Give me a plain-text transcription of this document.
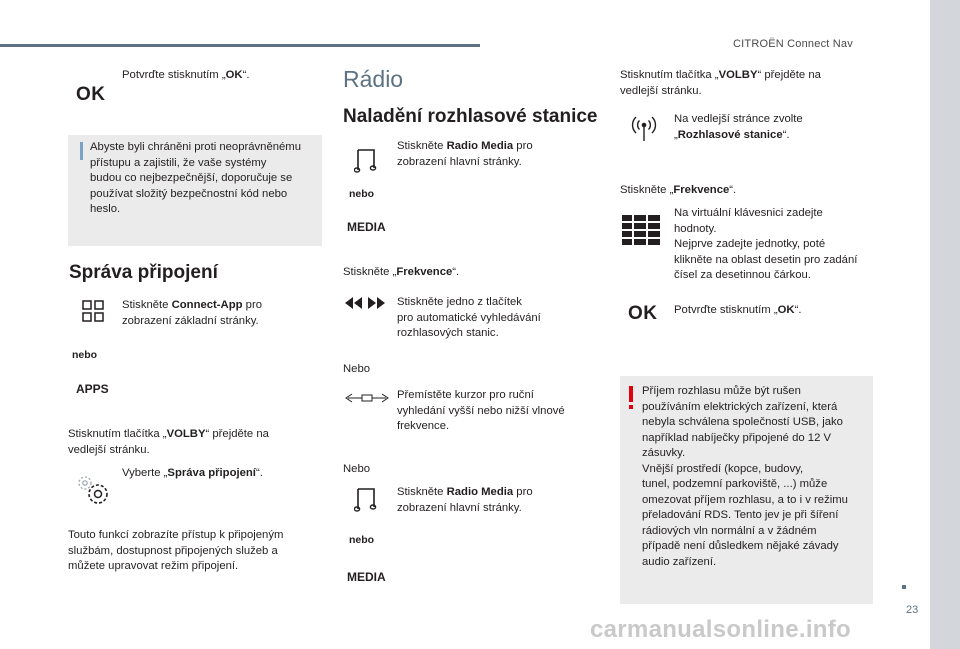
CITROËN Connect Nav
23
carmanualsonline.info
OK
Potvrďte stisknutím „OK“.
Abyste byli chráněni proti neoprávněnému
přístupu a zajistili, že vaše systémy
budou co nejbezpečnější, doporučuje se
používat složitý bezpečnostní kód nebo
heslo.
Správa připojení
Stiskněte Connect-App pro
zobrazení základní stránky.
nebo
APPS
Stisknutím tlačítka „VOLBY“ přejděte na
vedlejší stránku.
Vyberte „Správa připojení“.
Touto funkcí zobrazíte přístup k připojeným
službám, dostupnost připojených služeb a
můžete upravovat režim připojení.
Rádio
Naladění rozhlasové stanice
Stiskněte Radio Media pro
zobrazení hlavní stránky.
nebo
MEDIA
Stiskněte „Frekvence“.
Stiskněte jedno z tlačítek
pro automatické vyhledávání
rozhlasových stanic.
Nebo
Přemístěte kurzor pro ruční
vyhledání vyšší nebo nižší vlnové
frekvence.
Nebo
Stiskněte Radio Media pro
zobrazení hlavní stránky.
nebo
MEDIA
Stisknutím tlačítka „VOLBY“ přejděte na
vedlejší stránku.
Na vedlejší stránce zvolte
„Rozhlasové stanice“.
Stiskněte „Frekvence“.
Na virtuální klávesnici zadejte
hodnoty.
Nejprve zadejte jednotky, poté
klikněte na oblast desetin pro zadání
čísel za desetinnou čárkou.
OK Potvrďte stisknutím „OK“.
Příjem rozhlasu může být rušen
používáním elektrických zařízení, která
nebyla schválena společností USB, jako
například nabíječky připojené do 12 V
zásuvky.
Vnější prostředí (kopce, budovy,
tunel, podzemní parkoviště, ...) může
omezovat příjem rozhlasu, a to i v režimu
přeladování RDS. Tento jev je při šíření
rádiových vln normální a v žádném
případě není důsledkem nějaké závady
audio zařízení.
